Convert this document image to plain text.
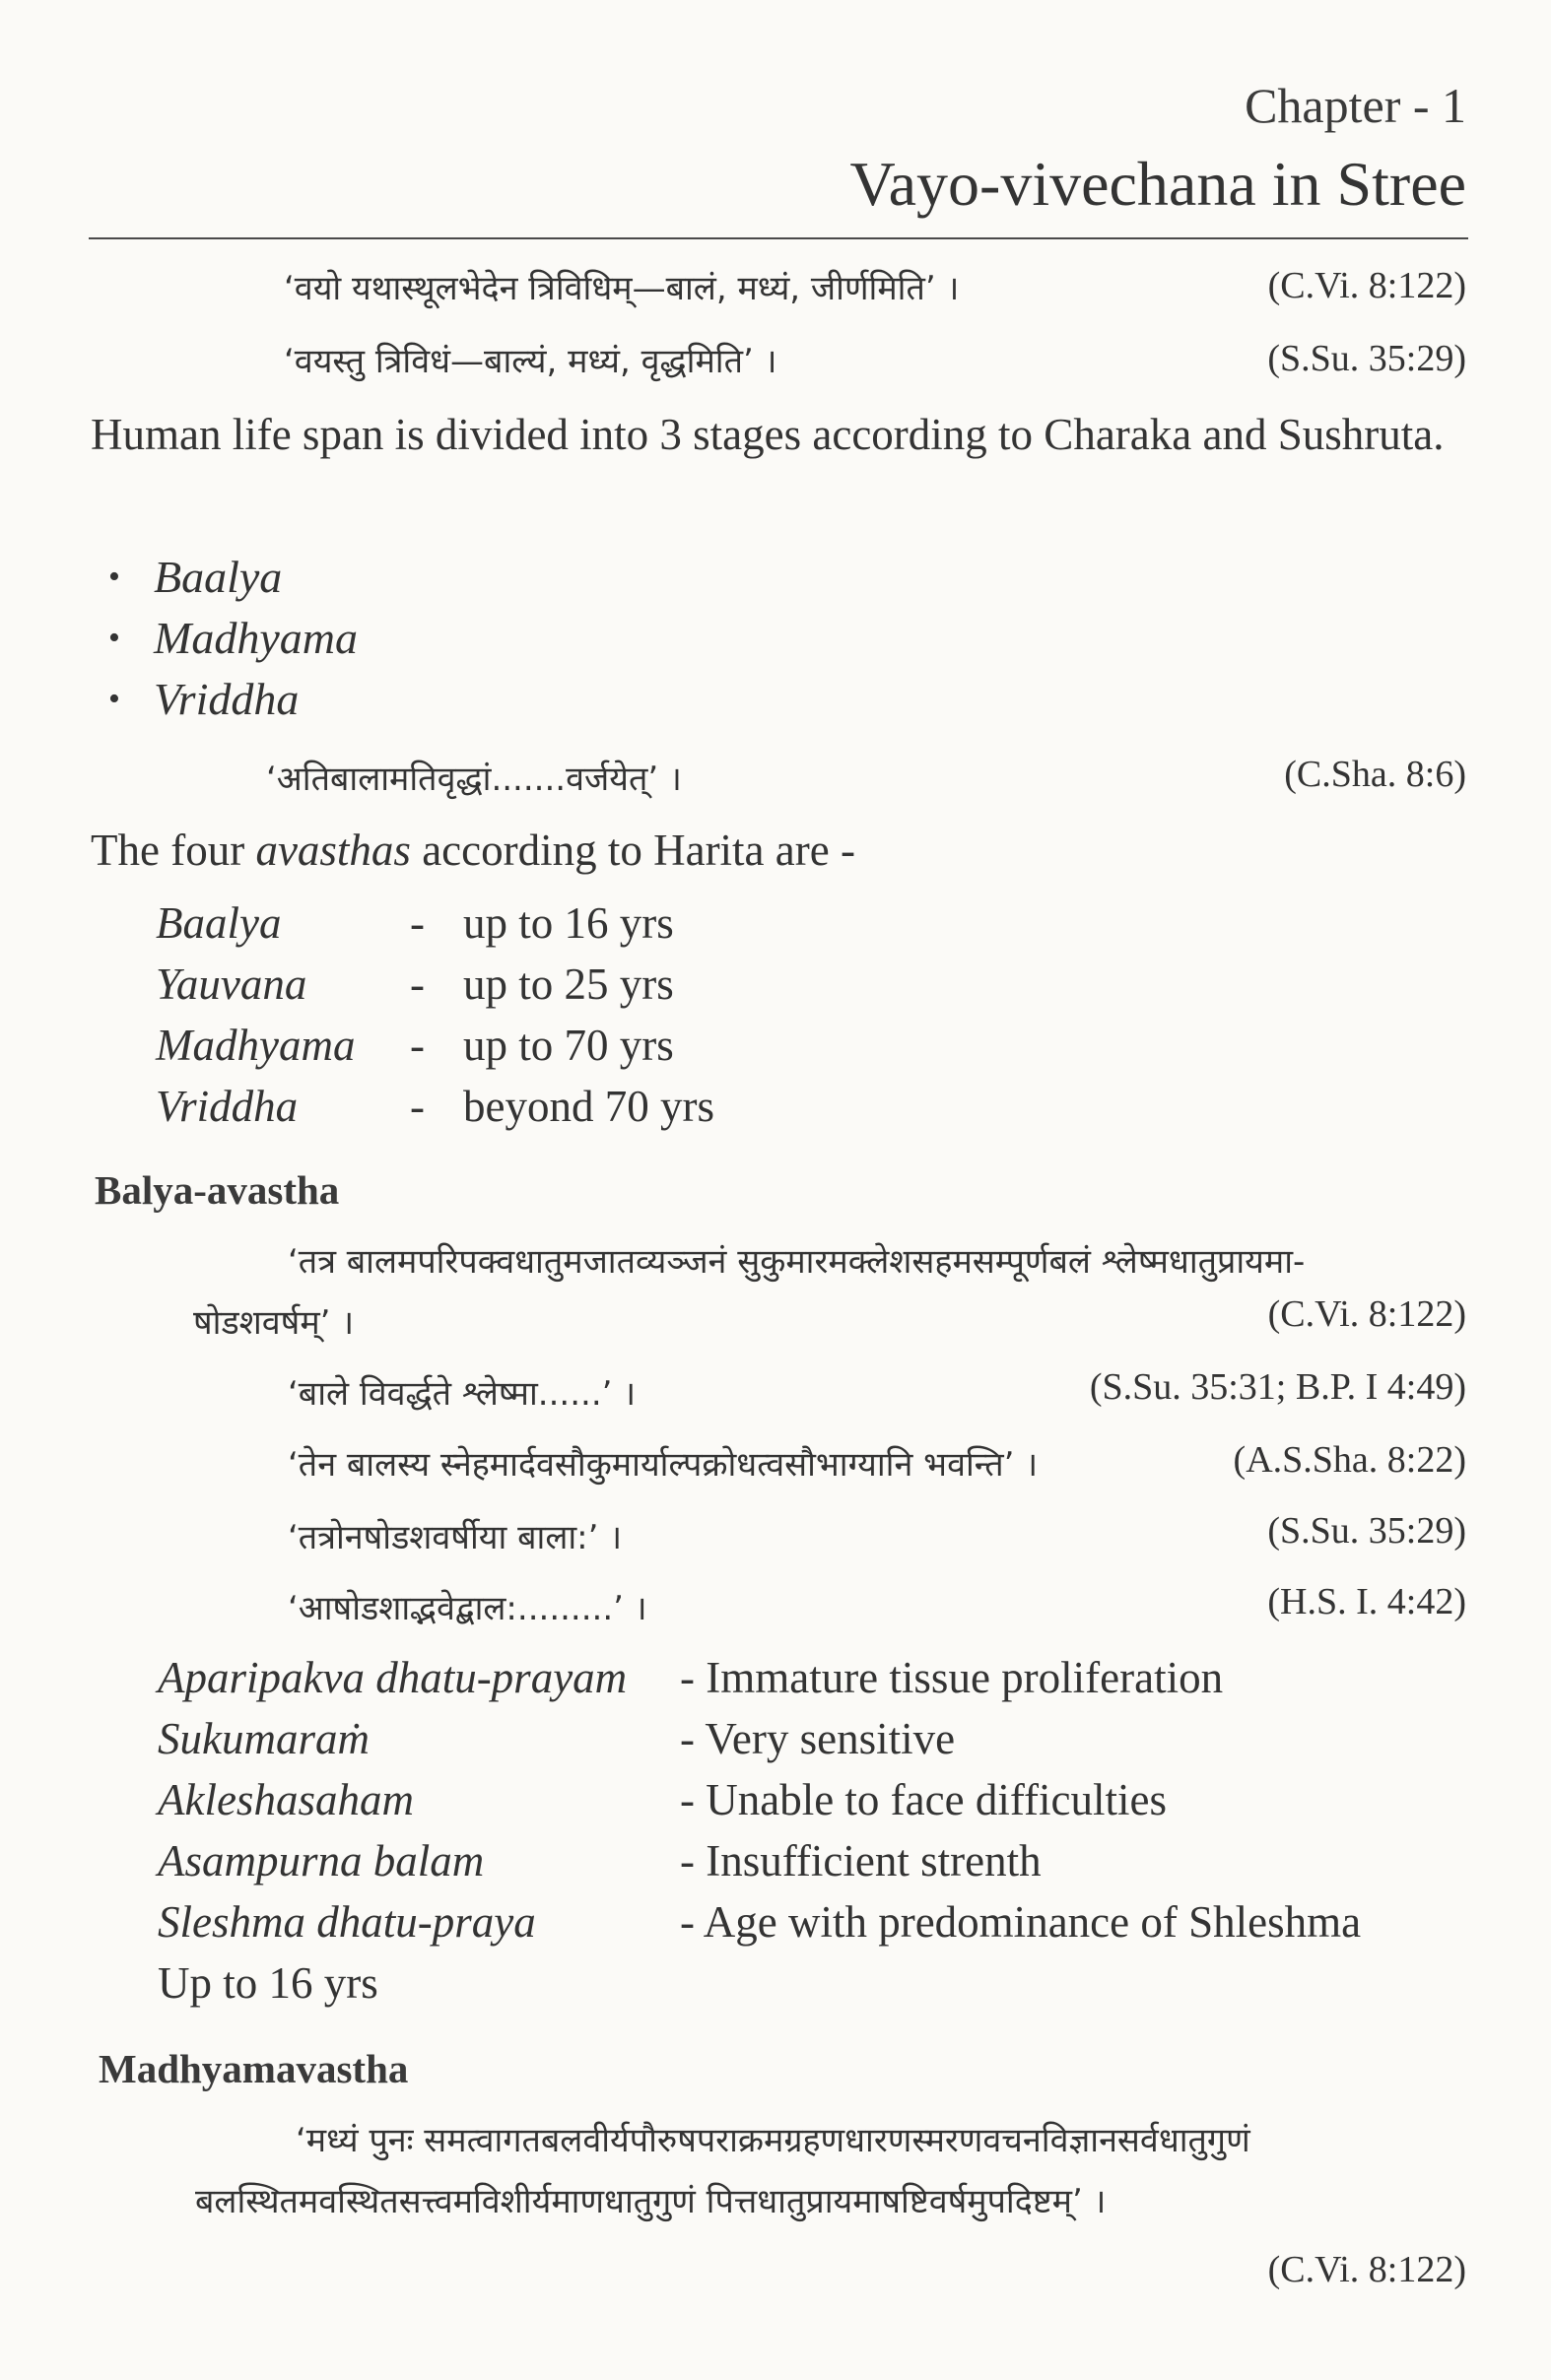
Chapter - 1
Vayo-vivechana in Stree
‘वयो यथास्थूलभेदेन त्रिविधिम्—बालं, मध्यं, जीर्णमिति’ ।	(C.Vi. 8:122)
‘वयस्तु त्रिविधं—बाल्यं, मध्यं, वृद्धमिति’ ।	(S.Su. 35:29)
Human life span is divided into 3 stages according to Charaka and Sushruta.
• Baalya
• Madhyama
• Vriddha
‘अतिबालामतिवृद्धां.......वर्जयेत्’ ।	(C.Sha. 8:6)
The four avasthas according to Harita are -
Baalya	- up to 16 yrs
Yauvana - up to 25 yrs
Madhyama - up to 70 yrs
Vriddha	- beyond 70 yrs
Balya-avastha
‘तत्र बालमपरिपक्वधातुमजातव्यञ्जनं सुकुमारमक्लेशसहमसम्पूर्णबलं श्लेष्मधातुप्रायमा-
षोडशवर्षम्’ ।	(C.Vi. 8:122)
‘बाले विवर्द्धते श्लेष्मा......’ ।	(S.Su. 35:31; B.P. I 4:49)
‘तेन बालस्य स्नेहमार्दवसौकुमार्याल्पक्रोधत्वसौभाग्यानि भवन्ति’ ।	(A.S.Sha. 8:22)
‘तत्रोनषोडशवर्षीया बाला:’ ।	(S.Su. 35:29)
‘आषोडशाद्भवेद्बाल:.........’ ।	(H.S. I. 4:42)
Aparipakva dhatu-prayam - Immature tissue proliferation
Sukumaraṁ	- Very sensitive
Akleshasaham	- Unable to face difficulties
Asampurna balam	- Insufficient strenth
Sleshma dhatu-praya	- Age with predominance of Shleshma
Up to 16 yrs
Madhyamavastha
‘मध्यं पुनः समत्वागतबलवीर्यपौरुषपराक्रमग्रहणधारणस्मरणवचनविज्ञानसर्वधातुगुणं
बलस्थितमवस्थितसत्त्वमविशीर्यमाणधातुगुणं पित्तधातुप्रायमाषष्टिवर्षमुपदिष्टम्’ ।
(C.Vi. 8:122)
